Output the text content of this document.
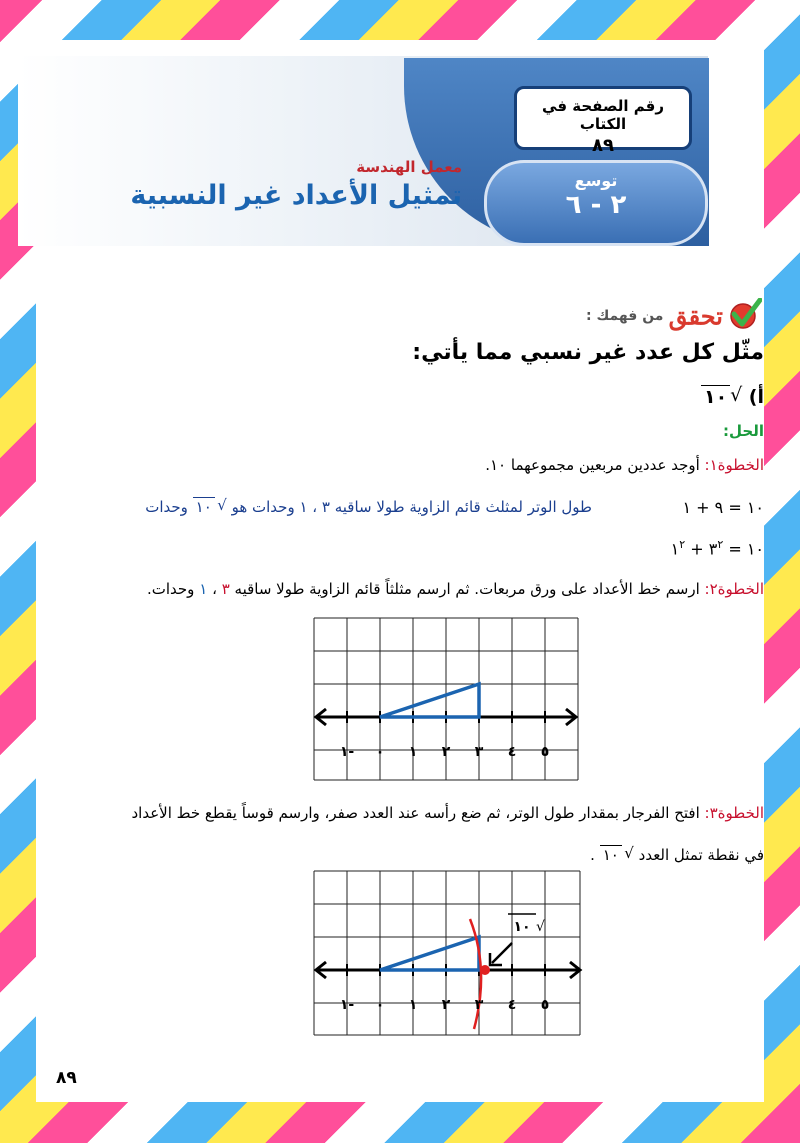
رقم الصفحة في الكتاب
٨٩
توسع
٢ - ٦
معمل الهندسة
تمثيل الأعداد غير النسبية
تحقق من فهمك :
مثّل كل عدد غير نسبي مما يأتي:
أ)
√
١٠
الحل:
الخطوة١: أوجد عددين مربعين مجموعهما ١٠.
١٠ = ٩ + ١
طول الوتر لمثلث قائم الزاوية طولا ساقيه ٣ ، ١ وحدات هو
√
١٠ وحدات
١٠ = $٣^٢$ + $١^٢$
الخطوة٢: ارسم خط الأعداد على ورق مربعات. ثم ارسم مثلثاً قائم الزاوية طولا ساقيه ٣ ، ١ وحدات.
١- ٠ ١ ٢ ٣ ٤ ٥
الخطوة٣: افتح الفرجار بمقدار طول الوتر، ثم ضع رأسه عند العدد صفر، وارسم قوساً يقطع خط الأعداد
في نقطة تمثل العدد
√
١٠ .
√
١٠
١- ٠ ١ ٢ ٣ ٤ ٥
٨٩
